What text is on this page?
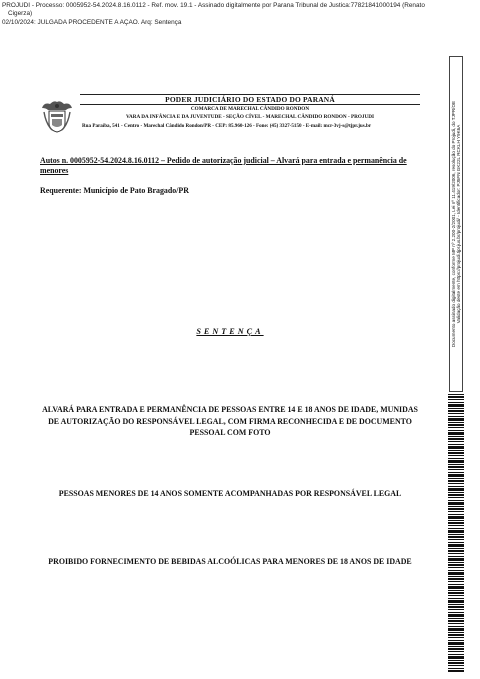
PROJUDI - Processo: 0005952-54.2024.8.16.0112 - Ref. mov. 19.1 - Assinado digitalmente por Parana Tribunal de Justica:77821841000194 (Renato
Cigerza)
02/10/2024: JULGADA PROCEDENTE A AÇÃO. Arq: Sentença
PODER JUDICIÁRIO DO ESTADO DO PARANÁ
COMARCA DE MARECHAL CÂNDIDO RONDON
VARA DA INFÂNCIA E DA JUVENTUDE - SEÇÃO CÍVEL - MARECHAL CÂNDIDO RONDON - PROJUDI
Rua Paraíba, 541 - Centro - Marechal Cândido Rondon/PR - CEP: 85.960-126 - Fone: (45) 3327-5150 - E-mail: mcr-3vj-s@tjpr.jus.br
Autos n. 0005952-54.2024.8.16.0112 – Pedido de autorização judicial – Alvará para entrada e permanência de menores
Requerente: Município de Pato Bragado/PR
SENTENÇA
ALVARÁ PARA ENTRADA E PERMANÊNCIA DE PESSOAS ENTRE 14 E 18 ANOS DE IDADE, MUNIDAS DE AUTORIZAÇÃO DO RESPONSÁVEL LEGAL, COM FIRMA RECONHECIDA E DE DOCUMENTO PESSOAL COM FOTO
PESSOAS MENORES DE 14 ANOS SOMENTE ACOMPANHADAS POR RESPONSÁVEL LEGAL
PROIBIDO FORNECIMENTO DE BEBIDAS ALCOÓLICAS PARA MENORES DE 18 ANOS DE IDADE
Documento assinado digitalmente, conforme MP nº 2.200-2/2001, Lei nº 11.419/2006, resolução do Projudi, do TJPR/OE Validação deste em https://projudi.tjpr.jus.br/projudi/ - Identificador: PJ5FN GK22L RCKLH Y9K6A
